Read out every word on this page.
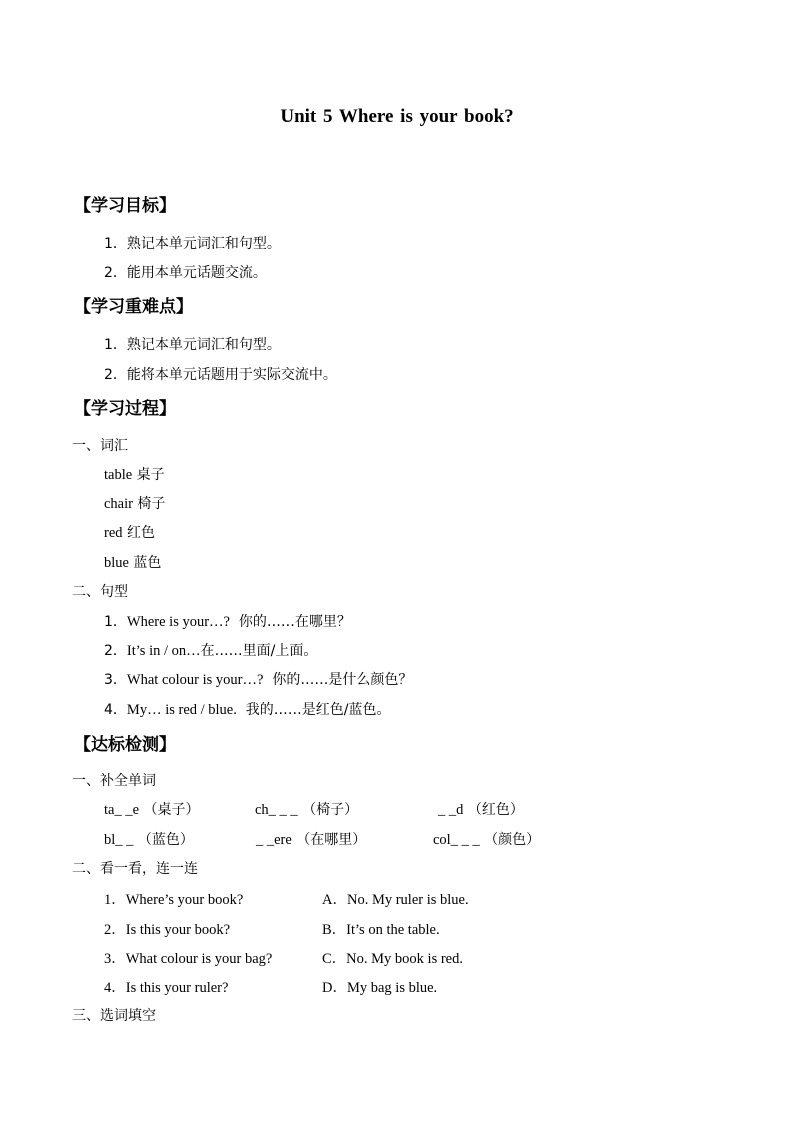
Unit 5 Where is your book?
【学习目标】
1．熟记本单元词汇和句型。
2．能用本单元话题交流。
【学习重难点】
1．熟记本单元词汇和句型。
2．能将本单元话题用于实际交流中。
【学习过程】
一、词汇
table 桌子
chair 椅子
red 红色
blue 蓝色
二、句型
1．Where is your…?  你的……在哪里？
2．It’s in / on…在……里面/上面。
3．What colour is your…?  你的……是什么颜色？
4．My… is red / blue.  我的……是红色/蓝色。
【达标检测】
一、补全单词
ta_ _e （桌子）	ch_ _ _ （椅子）	_ _d （红色）
bl_ _ （蓝色）	_ _ere （在哪里）	col_ _ _ （颜色）
二、看一看，连一连
1．Where’s your book?	A．No. My ruler is blue.
2．Is this your book?	B．It’s on the table.
3．What colour is your bag?	C．No. My book is red.
4．Is this your ruler?	D．My bag is blue.
三、选词填空
